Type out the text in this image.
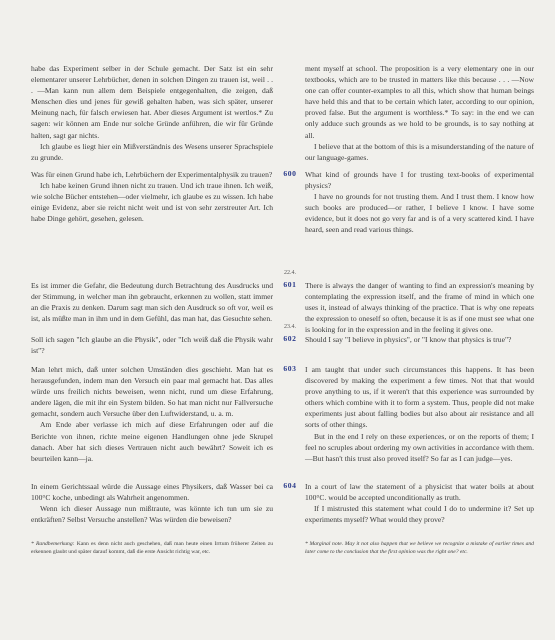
habe das Experiment selber in der Schule gemacht. Der Satz ist ein sehr elementarer unserer Lehrbücher, denen in solchen Dingen zu trauen ist, weil . . . —Man kann nun allem dem Beispiele entgegenhalten, die zeigen, daß Menschen dies und jenes für gewiß gehalten haben, was sich später, unserer Meinung nach, für falsch erwiesen hat. Aber dieses Argument ist wertlos.* Zu sagen: wir können am Ende nur solche Gründe anführen, die wir für Gründe halten, sagt gar nichts.

Ich glaube es liegt hier ein Mißverständnis des Wesens unserer Sprachspiele zu grunde.

ment myself at school. The proposition is a very elementary one in our textbooks, which are to be trusted in matters like this because . . . —Now one can offer counter-examples to all this, which show that human beings have held this and that to be certain which later, according to our opinion, proved false. But the argument is worthless.* To say: in the end we can only adduce such grounds as we hold to be grounds, is to say nothing at all.

I believe that at the bottom of this is a misunderstanding of the nature of our language-games.

600

Was für einen Grund habe ich, Lehrbüchern der Experimentalphysik zu trauen?

Ich habe keinen Grund ihnen nicht zu trauen. Und ich traue ihnen. Ich weiß, wie solche Bücher entstehen—oder vielmehr, ich glaube es zu wissen. Ich habe einige Evidenz, aber sie reicht nicht weit und ist von sehr zerstreuter Art. Ich habe Dinge gehört, gesehen, gelesen.

What kind of grounds have I for trusting text-books of experimental physics?

I have no grounds for not trusting them. And I trust them. I know how such books are produced—or rather, I believe I know. I have some evidence, but it does not go very far and is of a very scattered kind. I have heard, seen and read various things.

22.4.
601

Es ist immer die Gefahr, die Bedeutung durch Betrachtung des Ausdrucks und der Stimmung, in welcher man ihn gebraucht, erkennen zu wollen, statt immer an die Praxis zu denken. Darum sagt man sich den Ausdruck so oft vor, weil es ist, als müßte man in ihm und in dem Gefühl, das man hat, das Gesuchte sehen.

There is always the danger of wanting to find an expression's meaning by contemplating the expression itself, and the frame of mind in which one uses it, instead of always thinking of the practice. That is why one repeats the expression to oneself so often, because it is as if one must see what one is looking for in the expression and in the feeling it gives one.

23.4.
602

Soll ich sagen "Ich glaube an die Physik", oder "Ich weiß daß die Physik wahr ist"?

Should I say "I believe in physics", or "I know that physics is true"?

603

Man lehrt mich, daß unter solchen Umständen dies geschieht. Man hat es herausgefunden, indem man den Versuch ein paar mal gemacht hat. Das alles würde uns freilich nichts beweisen, wenn nicht, rund um diese Erfahrung, andere lägen, die mit ihr ein System bilden. So hat man nicht nur Fallversuche gemacht, sondern auch Versuche über den Luftwiderstand, u. a. m.

Am Ende aber verlasse ich mich auf diese Erfahrungen oder auf die Berichte von ihnen, richte meine eigenen Handlungen ohne jede Skrupel danach. Aber hat sich dieses Vertrauen nicht auch bewährt? Soweit ich es beurteilen kann—ja.

I am taught that under such circumstances this happens. It has been discovered by making the experiment a few times. Not that that would prove anything to us, if it weren't that this experience was surrounded by others which combine with it to form a system. Thus, people did not make experiments just about falling bodies but also about air resistance and all sorts of other things.

But in the end I rely on these experiences, or on the reports of them; I feel no scruples about ordering my own activities in accordance with them.—But hasn't this trust also proved itself? So far as I can judge—yes.

604

In einem Gerichtssaal würde die Aussage eines Physikers, daß Wasser bei ca 100°C koche, unbedingt als Wahrheit angenommen.

Wenn ich dieser Aussage nun mißtraute, was könnte ich tun um sie zu entkräften? Selbst Versuche anstellen? Was würden die beweisen?

In a court of law the statement of a physicist that water boils at about 100°C. would be accepted unconditionally as truth.

If I mistrusted this statement what could I do to undermine it? Set up experiments myself? What would they prove?

* Randbemerkung: Kann es denn nicht auch geschehen, daß man heute einen Irrtum früherer Zeiten zu erkennen glaubt und später darauf kommt, daß die erste Ansicht richtig war, etc.

* Marginal note. May it not also happen that we believe we recognize a mistake of earlier times and later come to the conclusion that the first opinion was the right one? etc.
